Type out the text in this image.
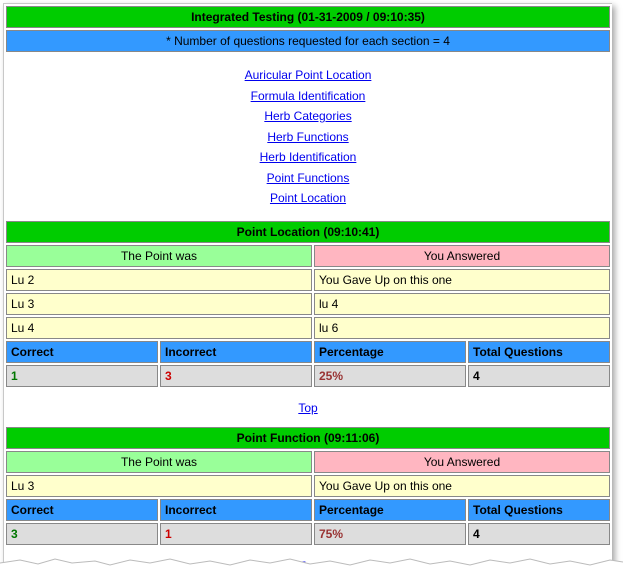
Integrated Testing (01-31-2009 / 09:10:35)
* Number of questions requested for each section = 4
Auricular Point Location
Formula Identification
Herb Categories
Herb Functions
Herb Identification
Point Functions
Point Location
Point Location (09:10:41)			
The Point was		You Answered	
Lu 2		You Gave Up on this one	
Lu 3		lu 4	
Lu 4		lu 6	
Correct	Incorrect	Percentage	Total Questions
1	3	25%	4
Top
Point Function (09:11:06)			
The Point was		You Answered	
Lu 3		You Gave Up on this one	
Correct	Incorrect	Percentage	Total Questions
3	1	75%	4
